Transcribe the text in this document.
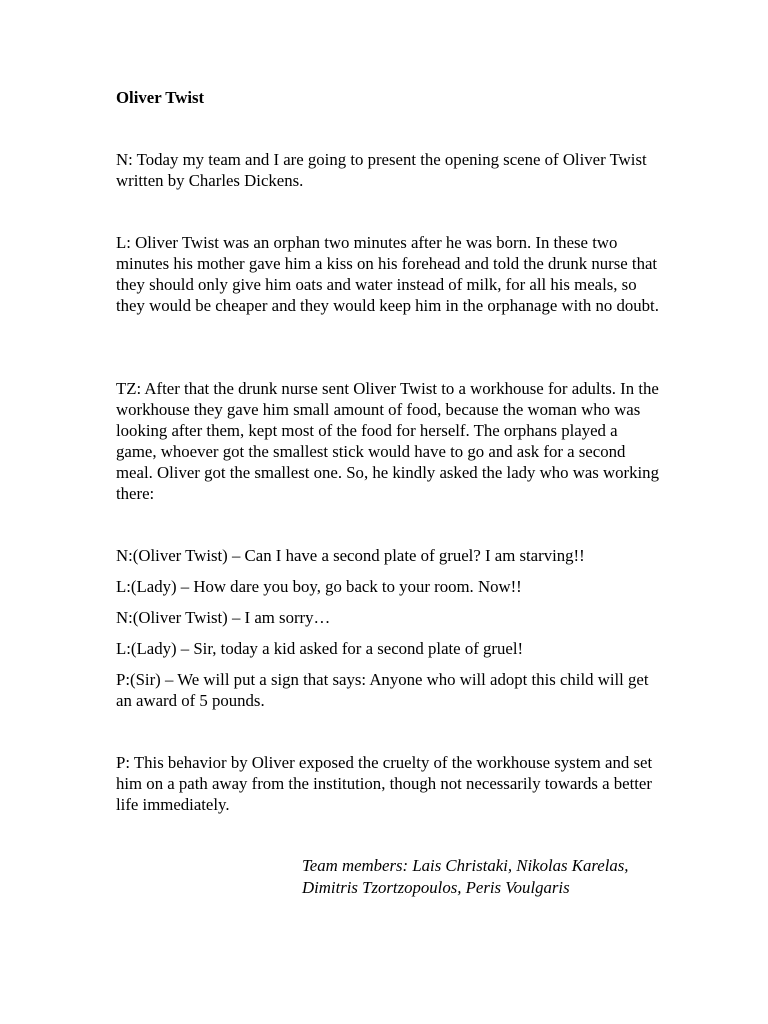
Oliver Twist

N: Today my team and I are going to present the opening scene of Oliver Twist written by Charles Dickens.

L: Oliver Twist was an orphan two minutes after he was born. In these two minutes his mother gave him a kiss on his forehead and told the drunk nurse that they should only give him oats and water instead of milk, for all his meals, so they would be cheaper and they would keep him in the orphanage with no doubt.

TZ: After that the drunk nurse sent Oliver Twist to a workhouse for adults. In the workhouse they gave him small amount of food, because the woman who was looking after them, kept most of the food for herself. The orphans played a game, whoever got the smallest stick would have to go and ask for a second meal. Oliver got the smallest one. So, he kindly asked the lady who was working there:

N:(Oliver Twist) – Can I have a second plate of gruel? I am starving!!

L:(Lady) – How dare you boy, go back to your room. Now!!

N:(Oliver Twist) – I am sorry…

L:(Lady) – Sir, today a kid asked for a second plate of gruel!

P:(Sir) – We will put a sign that says: Anyone who will adopt this child will get an award of 5 pounds.

P: This behavior by Oliver exposed the cruelty of the workhouse system and set him on a path away from the institution, though not necessarily towards a better life immediately.

Team members: Lais Christaki, Nikolas Karelas,
Dimitris Tzortzopoulos, Peris Voulgaris
